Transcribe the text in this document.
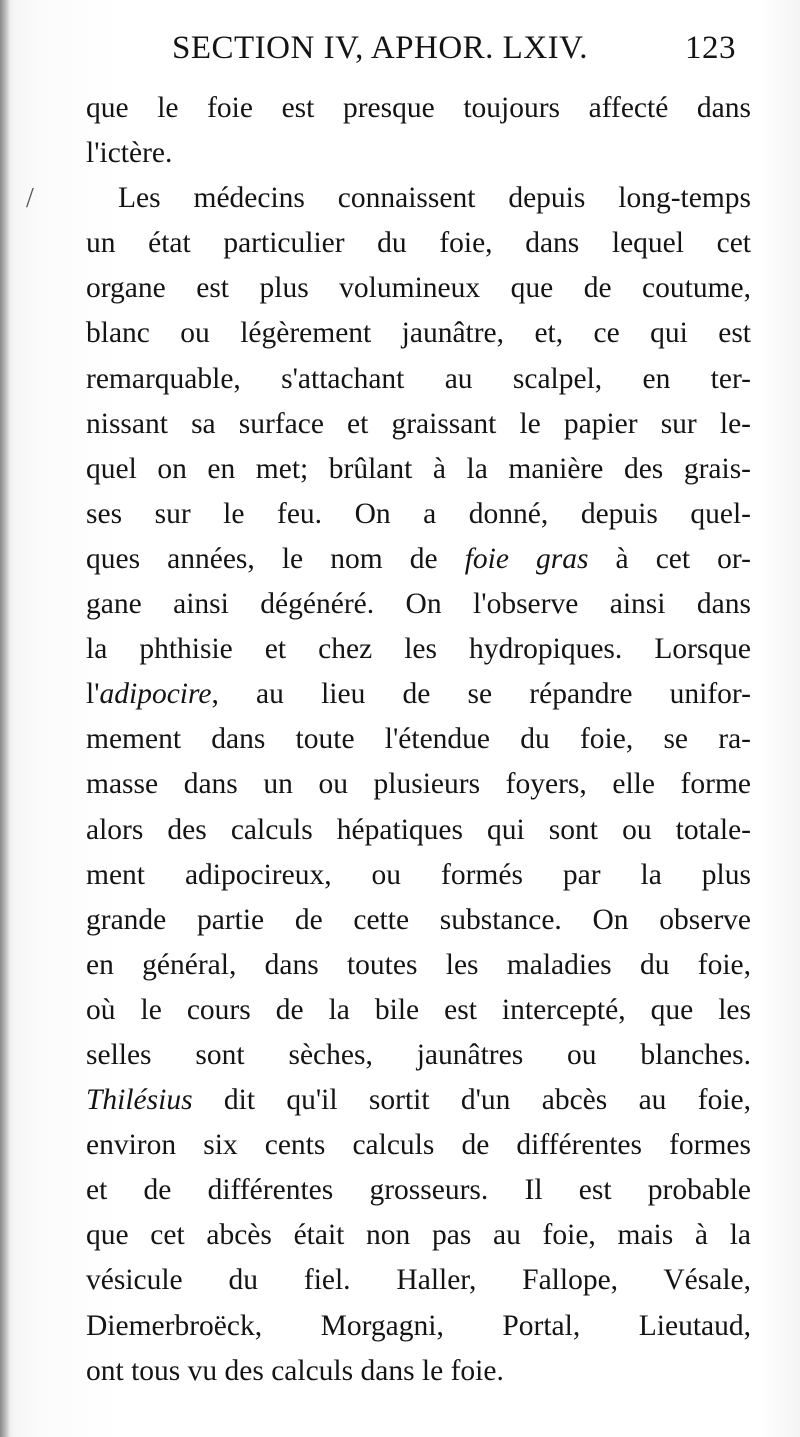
/
SECTION IV, APHOR. LXIV.	123
que le foie est presque toujours affecté dans
l'ictère.
Les médecins connaissent depuis long-temps
un état particulier du foie, dans lequel cet
organe est plus volumineux que de coutume,
blanc ou légèrement jaunâtre, et, ce qui est
remarquable, s'attachant au scalpel, en ter-
nissant sa surface et graissant le papier sur le-
quel on en met; brûlant à la manière des grais-
ses sur le feu. On a donné, depuis quel-
ques années, le nom de foie gras à cet or-
gane ainsi dégénéré. On l'observe ainsi dans
la phthisie et chez les hydropiques. Lorsque
l'adipocire, au lieu de se répandre unifor-
mement dans toute l'étendue du foie, se ra-
masse dans un ou plusieurs foyers, elle forme
alors des calculs hépatiques qui sont ou totale-
ment adipocireux, ou formés par la plus
grande partie de cette substance. On observe
en général, dans toutes les maladies du foie,
où le cours de la bile est intercepté, que les
selles sont sèches, jaunâtres ou blanches.
Thilésius dit qu'il sortit d'un abcès au foie,
environ six cents calculs de différentes formes
et de différentes grosseurs. Il est probable
que cet abcès était non pas au foie, mais à la
vésicule du fiel. Haller, Fallope, Vésale,
Diemerbroëck, Morgagni, Portal, Lieutaud,
ont tous vu des calculs dans le foie.
